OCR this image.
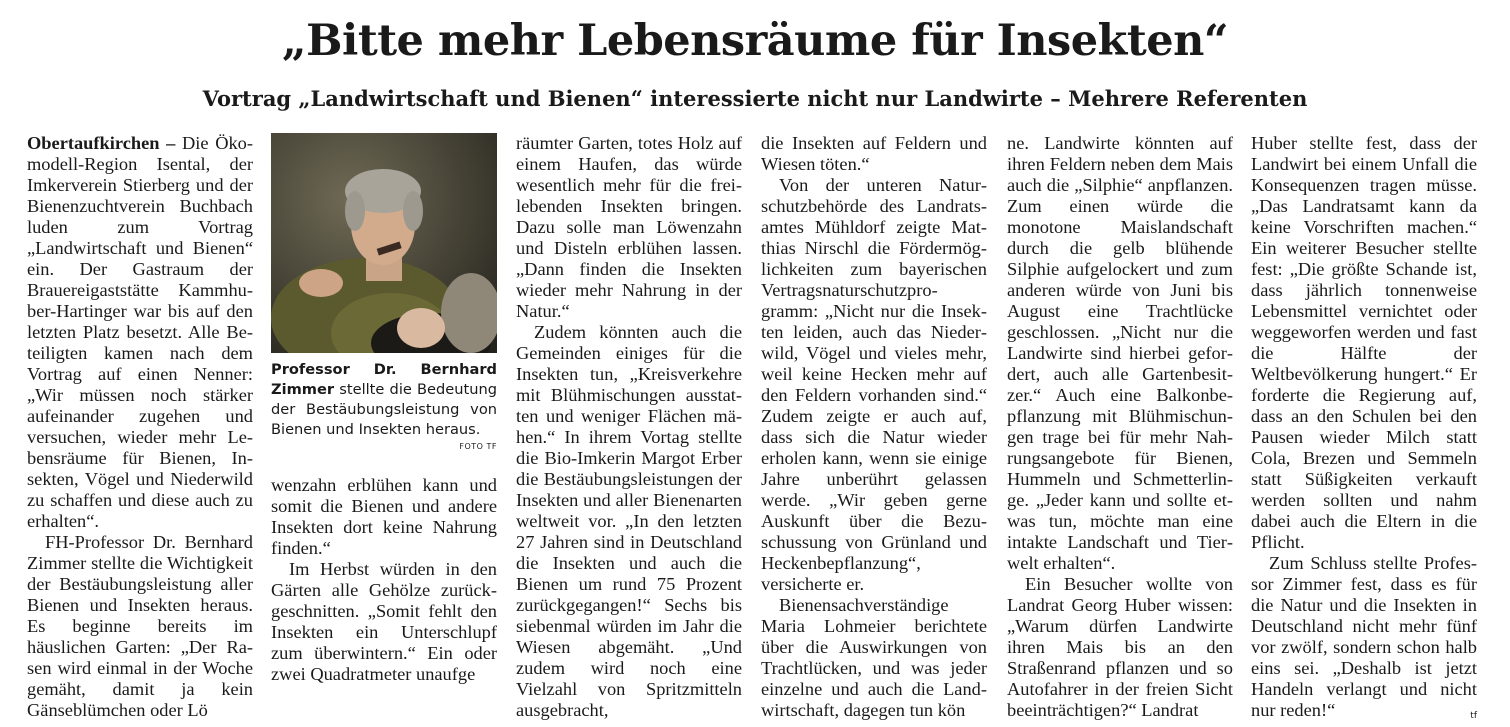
„Bitte mehr Lebensräume für Insekten“
Vortrag „Landwirtschaft und Bienen“ interessierte nicht nur Landwirte – Mehrere Referenten

Obertaufkirchen – Die Ökomodell-Region Isental, der Imkerverein Stierberg und der Bienenzuchtverein Buchbach luden zum Vortrag „Landwirtschaft und Bienen“ ein. Der Gastraum der Brauereigaststätte Kammhuber-Hartinger war bis auf den letzten Platz besetzt. Alle Beteiligten kamen nach dem Vortrag auf einen Nenner: „Wir müssen noch stärker aufeinander zugehen und versuchen, wieder mehr Lebensräume für Bienen, Insekten, Vögel und Niederwild zu schaffen und diese auch zu erhalten“.

FH-Professor Dr. Bernhard Zimmer stellte die Wichtigkeit der Bestäubungsleistung aller Bienen und Insekten heraus. Es beginne bereits im häuslichen Garten: „Der Rasen wird einmal in der Woche gemäht, damit ja kein Gänseblümchen oder Lö

Professor Dr. Bernhard Zimmer stellte die Bedeutung der Bestäubungsleistung von Bienen und Insekten heraus.

FOTO TF

wenzahn erblühen kann und somit die Bienen und andere Insekten dort keine Nahrung finden.“

Im Herbst würden in den Gärten alle Gehölze zurückgeschnitten. „Somit fehlt den Insekten ein Unterschlupf zum überwintern.“ Ein oder zwei Quadratmeter unaufge

räumter Garten, totes Holz auf einem Haufen, das würde wesentlich mehr für die freilebenden Insekten bringen. Dazu solle man Löwenzahn und Disteln erblühen lassen. „Dann finden die Insekten wieder mehr Nahrung in der Natur.“

Zudem könnten auch die Gemeinden einiges für die Insekten tun, „Kreisverkehre mit Blühmischungen ausstatten und weniger Flächen mähen.“ In ihrem Vortag stellte die Bio-Imkerin Margot Erber die Bestäubungsleistungen der Insekten und aller Bienenarten weltweit vor. „In den letzten 27 Jahren sind in Deutschland die Insekten und auch die Bienen um rund 75 Prozent zurückgegangen!“ Sechs bis siebenmal würden im Jahr die Wiesen abgemäht. „Und zudem wird noch eine Vielzahl von Spritzmitteln ausgebracht,

die Insekten auf Feldern und Wiesen töten.“

Von der unteren Naturschutzbehörde des Landratsamtes Mühldorf zeigte Matthias Nirschl die Fördermöglichkeiten zum bayerischen Vertragsnaturschutzprogramm: „Nicht nur die Insekten leiden, auch das Niederwild, Vögel und vieles mehr, weil keine Hecken mehr auf den Feldern vorhanden sind.“ Zudem zeigte er auch auf, dass sich die Natur wieder erholen kann, wenn sie einige Jahre unberührt gelassen werde. „Wir geben gerne Auskunft über die Bezuschussung von Grünland und Heckenbepflanzung“, versicherte er.

Bienensachverständige Maria Lohmeier berichtete über die Auswirkungen von Trachtlücken, und was jeder einzelne und auch die Landwirtschaft, dagegen tun kön

ne. Landwirte könnten auf ihren Feldern neben dem Mais auch die „Silphie“ anpflanzen. Zum einen würde die monotone Maislandschaft durch die gelb blühende Silphie aufgelockert und zum anderen würde von Juni bis August eine Trachtlücke geschlossen. „Nicht nur die Landwirte sind hierbei gefordert, auch alle Gartenbesitzer.“ Auch eine Balkonbepflanzung mit Blühmischungen trage bei für mehr Nahrungsangebote für Bienen, Hummeln und Schmetterlinge. „Jeder kann und sollte etwas tun, möchte man eine intakte Landschaft und Tierwelt erhalten“.

Ein Besucher wollte von Landrat Georg Huber wissen: „Warum dürfen Landwirte ihren Mais bis an den Straßenrand pflanzen und so Autofahrer in der freien Sicht beeinträchtigen?“ Landrat

Huber stellte fest, dass der Landwirt bei einem Unfall die Konsequenzen tragen müsse. „Das Landratsamt kann da keine Vorschriften machen.“ Ein weiterer Besucher stellte fest: „Die größte Schande ist, dass jährlich tonnenweise Lebensmittel vernichtet oder weggeworfen werden und fast die Hälfte der Weltbevölkerung hungert.“ Er forderte die Regierung auf, dass an den Schulen bei den Pausen wieder Milch statt Cola, Brezen und Semmeln statt Süßigkeiten verkauft werden sollten und nahm dabei auch die Eltern in die Pflicht.

Zum Schluss stellte Professor Zimmer fest, dass es für die Natur und die Insekten in Deutschland nicht mehr fünf vor zwölf, sondern schon halb eins sei. „Deshalb ist jetzt Handeln verlangt und nicht nur reden!“	tf
